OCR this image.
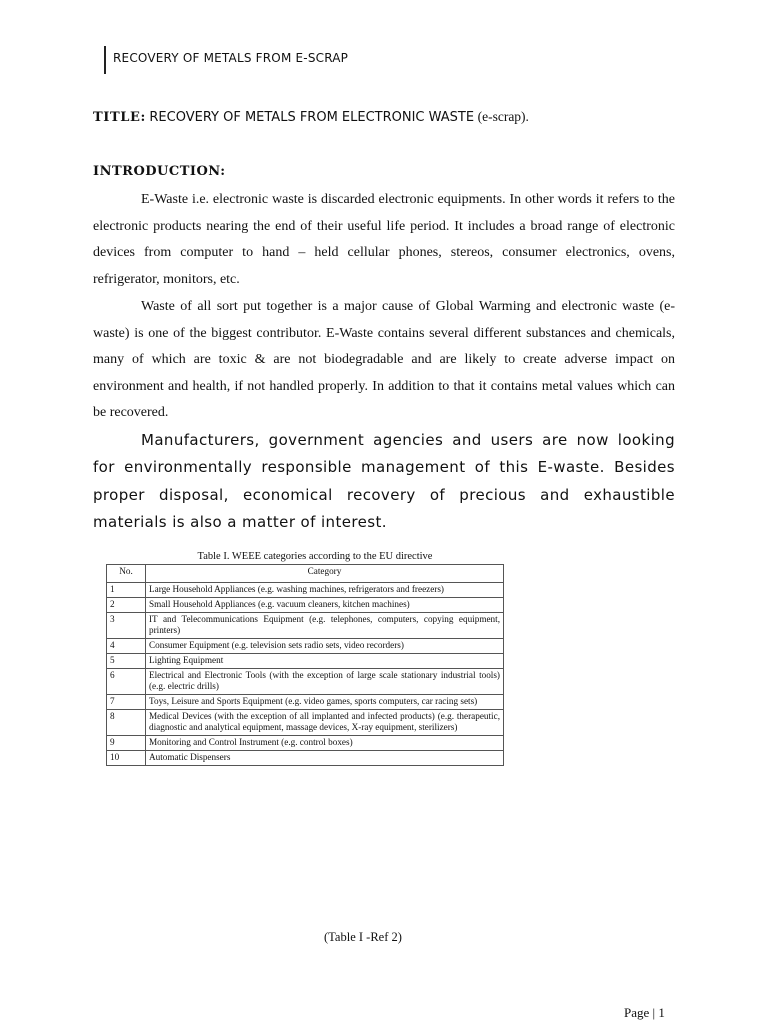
RECOVERY OF METALS FROM E-SCRAP
TITLE: RECOVERY OF METALS FROM ELECTRONIC WASTE (e-scrap).
INTRODUCTION:

E-Waste i.e. electronic waste is discarded electronic equipments. In other words it refers to the electronic products nearing the end of their useful life period. It includes a broad range of electronic devices from computer to hand – held cellular phones, stereos, consumer electronics, ovens, refrigerator, monitors, etc.

Waste of all sort put together is a major cause of Global Warming and electronic waste (e-waste) is one of the biggest contributor. E-Waste contains several different substances and chemicals, many of which are toxic & are not biodegradable and are likely to create adverse impact on environment and health, if not handled properly. In addition to that it contains metal values which can be recovered.

Manufacturers, government agencies and users are now looking for environmentally responsible management of this E-waste. Besides proper disposal, economical recovery of precious and exhaustible materials is also a matter of interest.

Table I. WEEE categories according to the EU directive
No.	Category
1	Large Household Appliances (e.g. washing machines, refrigerators and freezers)
2	Small Household Appliances (e.g. vacuum cleaners, kitchen machines)
3	IT and Telecommunications Equipment (e.g. telephones, computers, copying equipment, printers)
4	Consumer Equipment (e.g. television sets radio sets, video recorders)
5	Lighting Equipment
6	Electrical and Electronic Tools (with the exception of large scale stationary industrial tools) (e.g. electric drills)
7	Toys, Leisure and Sports Equipment (e.g. video games, sports computers, car racing sets)
8	Medical Devices (with the exception of all implanted and infected products) (e.g. therapeutic, diagnostic and analytical equipment, massage devices, X-ray equipment, sterilizers)
9	Monitoring and Control Instrument (e.g. control boxes)
10	Automatic Dispensers
(Table I -Ref 2)
Page | 1
